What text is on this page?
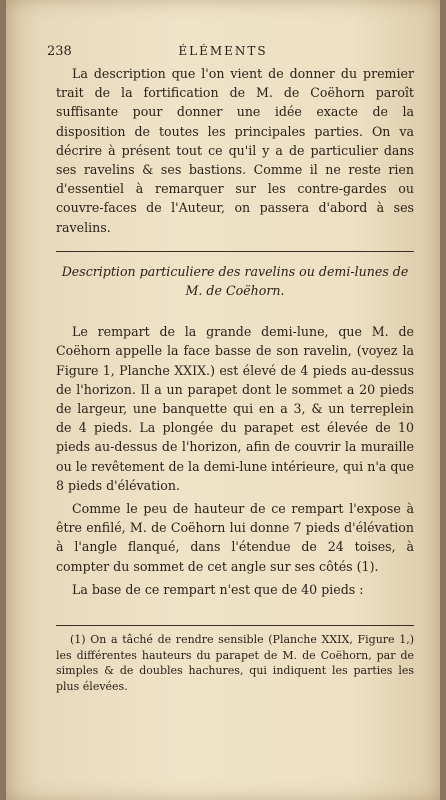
238	ÉLÉMENTS

La description que l'on vient de donner du premier trait de la fortification de M. de Coëhorn paroît suffisante pour donner une idée exacte de la disposition de toutes les principales parties. On va décrire à présent tout ce qu'il y a de particulier dans ses ravelins & ses bastions. Comme il ne reste rien d'essentiel à remarquer sur les contre-gardes ou couvre-faces de l'Auteur, on passera d'abord à ses ravelins.

Description particuliere des ravelins ou demi-lunes de M. de Coëhorn.

Le rempart de la grande demi-lune, que M. de Coëhorn appelle la face basse de son ravelin, (voyez la Figure 1, Planche XXIX.) est élevé de 4 pieds au-dessus de l'horizon. Il a un parapet dont le sommet a 20 pieds de largeur, une banquette qui en a 3, & un terreplein de 4 pieds. La plongée du parapet est élevée de 10 pieds au-dessus de l'horizon, afin de couvrir la muraille ou le revêtement de la demi-lune intérieure, qui n'a que 8 pieds d'élévation.

Comme le peu de hauteur de ce rempart l'expose à être enfilé, M. de Coëhorn lui donne 7 pieds d'élévation à l'angle flanqué, dans l'étendue de 24 toises, à compter du sommet de cet angle sur ses côtés (1).

La base de ce rempart n'est que de 40 pieds :

(1) On a tâché de rendre sensible (Planche XXIX, Figure 1,) les différentes hauteurs du parapet de M. de Coëhorn, par de simples & de doubles hachures, qui indiquent les parties les plus élevées.
